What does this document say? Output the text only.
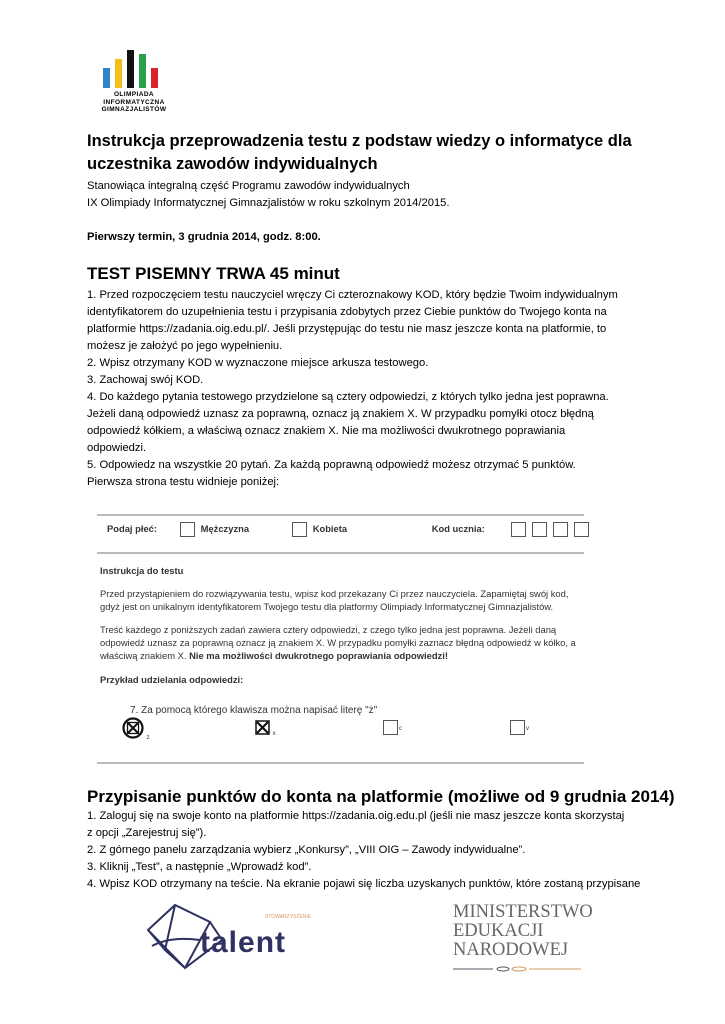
OLIMPIADA
INFORMATYCZNA
GIMNAZJALISTÓW
Instrukcja przeprowadzenia testu z podstaw wiedzy o informatyce dla
uczestnika zawodów indywidualnych
Stanowiąca integralną część Programu zawodów indywidualnych
IX Olimpiady Informatycznej Gimnazjalistów w roku szkolnym 2014/2015.
Pierwszy termin, 3 grudnia 2014, godz. 8:00.
TEST PISEMNY TRWA 45 minut
1. Przed rozpoczęciem testu nauczyciel wręczy Ci czteroznakowy KOD, który będzie Twoim indywidualnym
identyfikatorem do uzupełnienia testu i przypisania zdobytych przez Ciebie punktów do Twojego konta na
platformie https://zadania.oig.edu.pl/. Jeśli przystępując do testu nie masz jeszcze konta na platformie, to
możesz je założyć po jego wypełnieniu.
2. Wpisz otrzymany KOD w wyznaczone miejsce arkusza testowego.
3. Zachowaj swój KOD.
4. Do każdego pytania testowego przydzielone są cztery odpowiedzi, z których tylko jedna jest poprawna.
Jeżeli daną odpowiedź uznasz za poprawną, oznacz ją znakiem X. W przypadku pomyłki otocz błędną
odpowiedź kółkiem, a właściwą oznacz znakiem X. Nie ma możliwości dwukrotnego poprawiania
odpowiedzi.
5. Odpowiedz na wszystkie 20 pytań. Za każdą poprawną odpowiedź możesz otrzymać 5 punktów.
Pierwsza strona testu widnieje poniżej:
Podaj płeć:	Mężczyzna	Kobieta	Kod ucznia:
Instrukcja do testu
Przed przystąpieniem do rozwiązywania testu, wpisz kod przekazany Ci przez nauczyciela. Zapamiętaj swój kod,
gdyż jest on unikalnym identyfikatorem Twojego testu dla platformy Olimpiady Informatycznej Gimnazjalistów.
Treść każdego z poniższych zadań zawiera cztery odpowiedzi, z czego tylko jedna jest poprawna. Jeżeli daną
odpowiedź uznasz za poprawną oznacz ją znakiem X. W przypadku pomyłki zaznacz błędną odpowiedź w kółko, a
właściwą znakiem X. Nie ma możliwości dwukrotnego poprawiania odpowiedzi!
Przykład udzielania odpowiedzi:
7. Za pomocą którego klawisza można napisać literę "ż"
z
x
c	v
Przypisanie punktów do konta na platformie (możliwe od 9 grudnia 2014)
1. Zaloguj się na swoje konto na platformie https://zadania.oig.edu.pl (jeśli nie masz jeszcze konta skorzystaj
z opcji „Zarejestruj się”).
2. Z górnego panelu zarządzania wybierz „Konkursy”, „VIII OIG – Zawody indywidualne”.
3. Kliknij „Test”, a następnie „Wprowadź kod”.
4. Wpisz KOD otrzymany na teście. Na ekranie pojawi się liczba uzyskanych punktów, które zostaną przypisane
STOWARZYSZENIE
talent
MINISTERSTWO
EDUKACJI
NARODOWEJ
